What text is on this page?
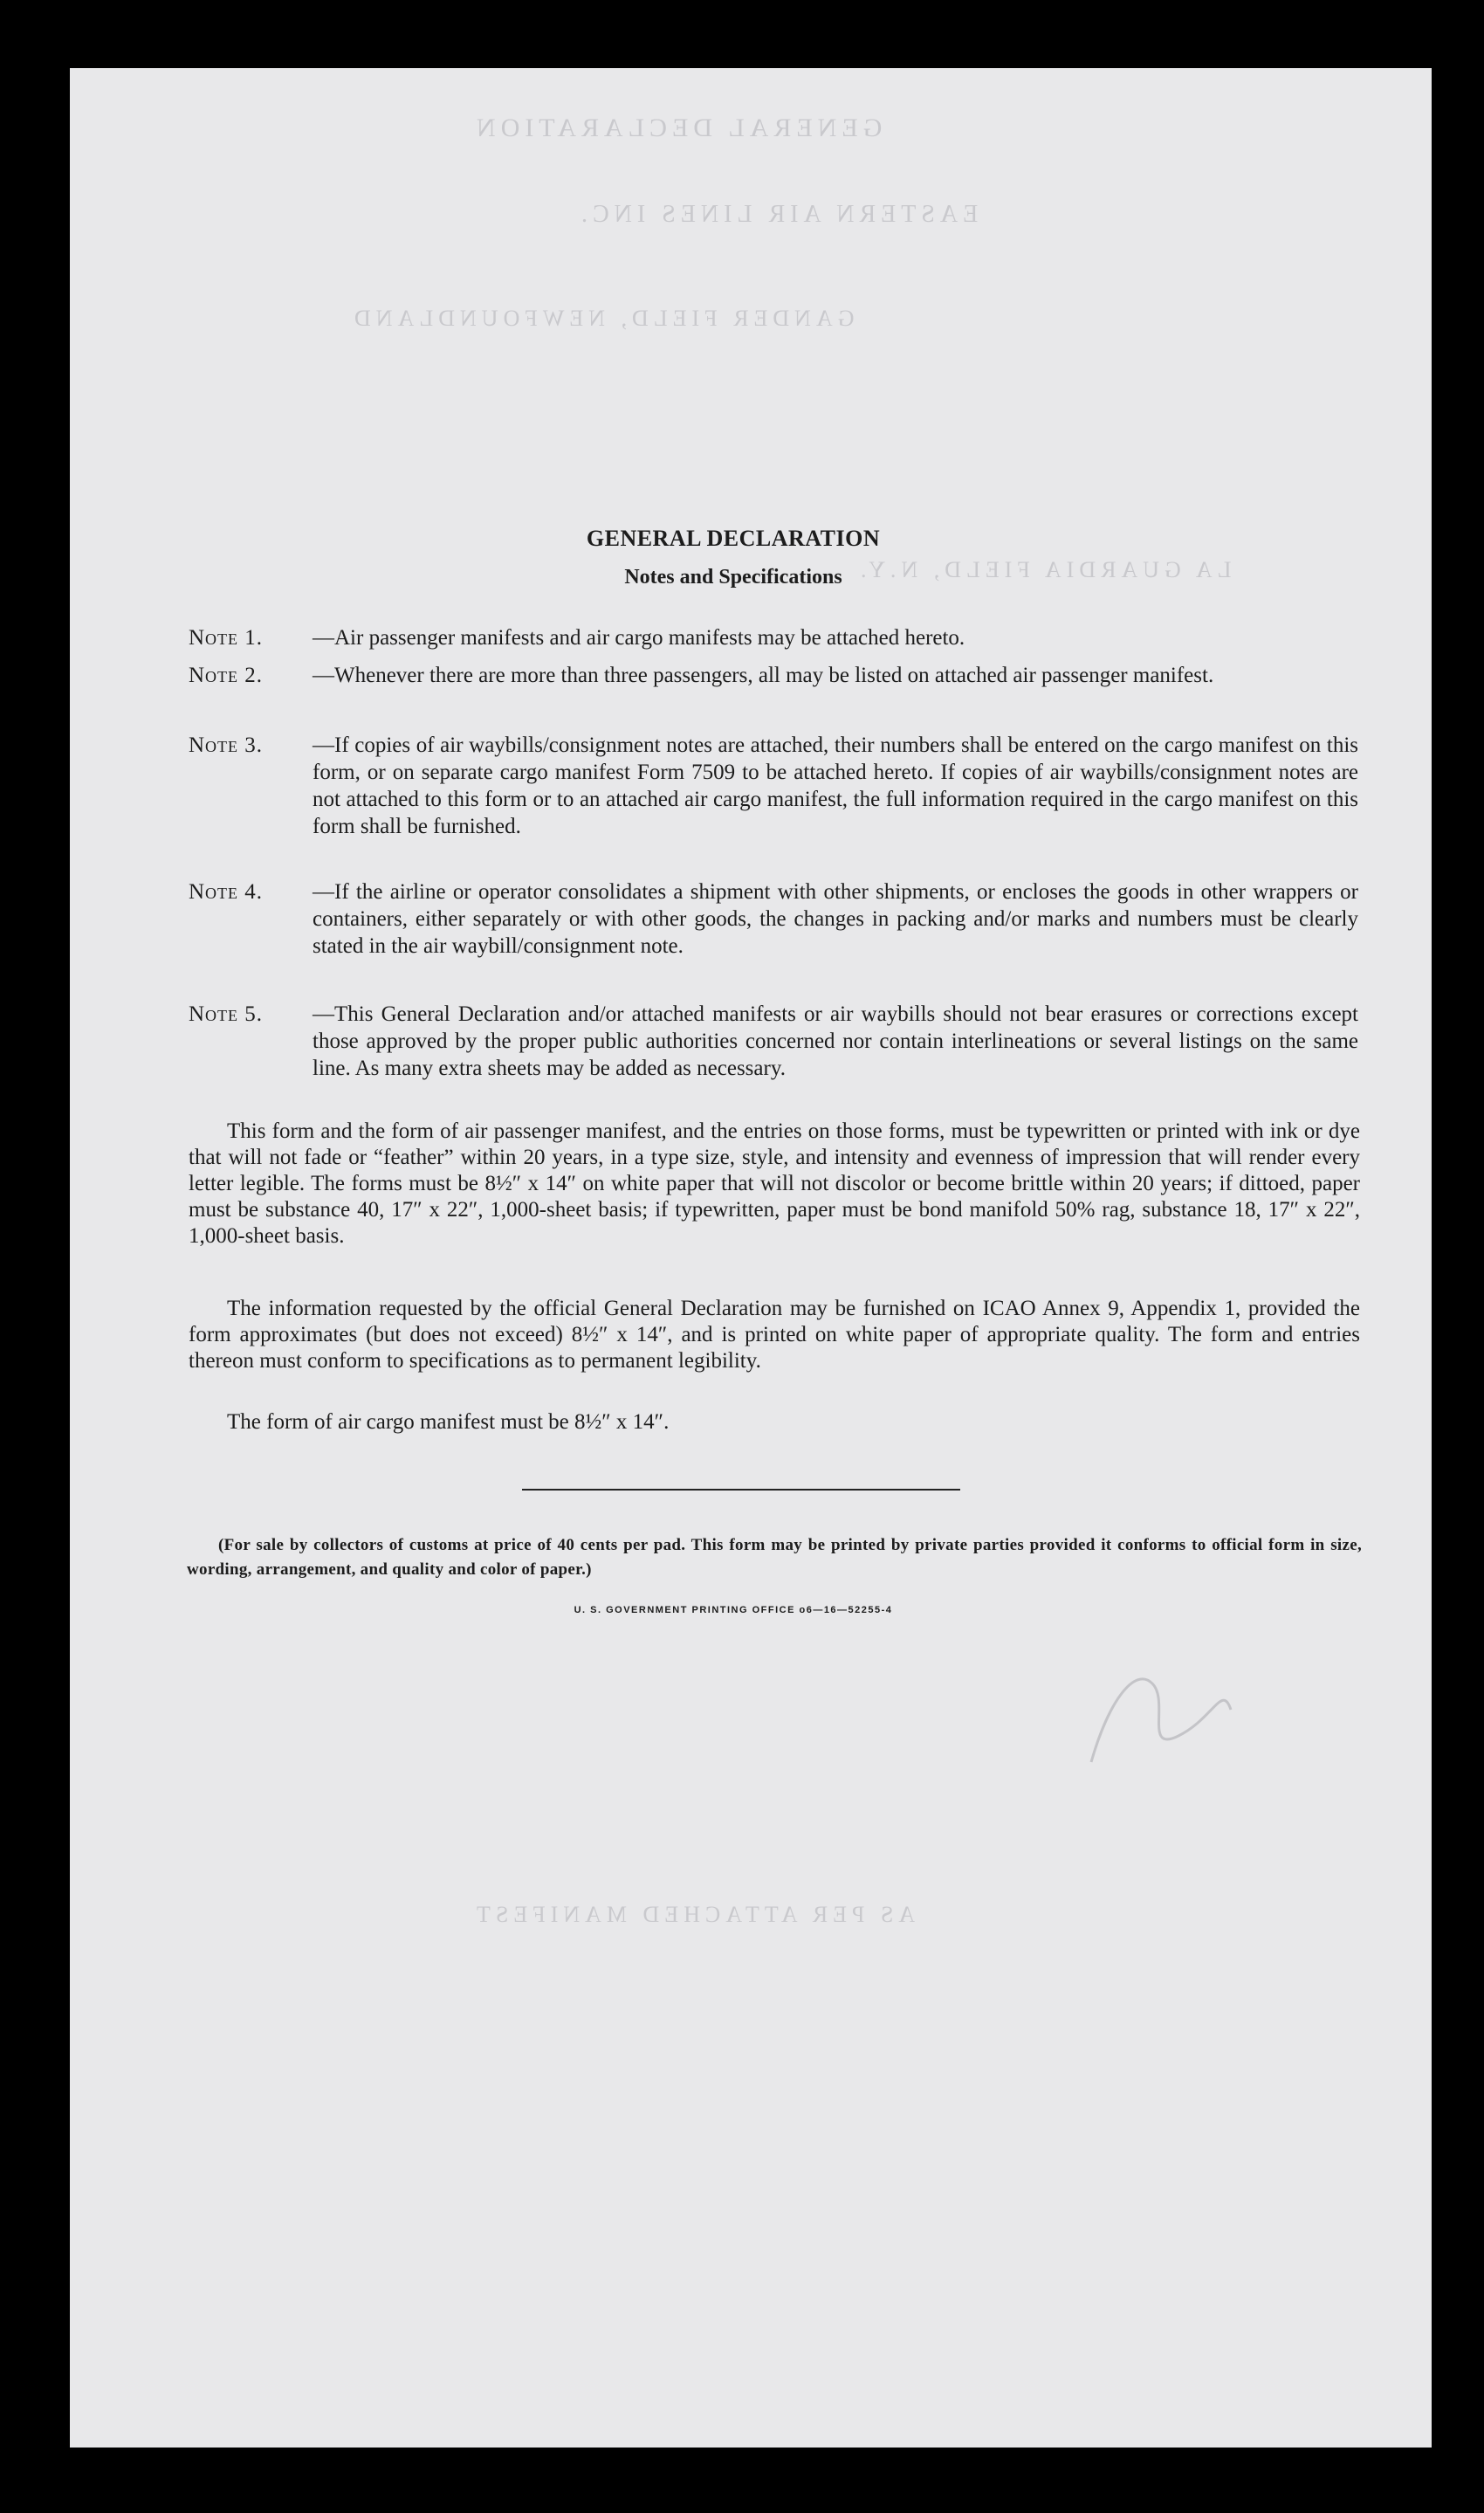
GENERAL DECLARATION
EASTERN AIR LINES INC.
GANDER FIELD, NEWFOUNDLAND
LA GUARDIA FIELD, N.Y.
AS PER ATTACHED MANIFEST
GENERAL DECLARATION
Notes and Specifications
Note 1.	—Air passenger manifests and air cargo manifests may be attached hereto.
Note 2.	—Whenever there are more than three passengers, all may be listed on attached air passenger manifest.
Note 3.	—If copies of air waybills/consignment notes are attached, their numbers shall be entered on the cargo manifest on this form, or on separate cargo manifest Form 7509 to be attached hereto. If copies of air waybills/consignment notes are not attached to this form or to an attached air cargo manifest, the full information required in the cargo manifest on this form shall be furnished.
Note 4.	—If the airline or operator consolidates a shipment with other shipments, or encloses the goods in other wrappers or containers, either separately or with other goods, the changes in packing and/or marks and numbers must be clearly stated in the air waybill/consignment note.
Note 5.	—This General Declaration and/or attached manifests or air waybills should not bear erasures or corrections except those approved by the proper public authorities concerned nor contain interlineations or several listings on the same line. As many extra sheets may be added as necessary.

This form and the form of air passenger manifest, and the entries on those forms, must be typewritten or printed with ink or dye that will not fade or “feather” within 20 years, in a type size, style, and intensity and evenness of impression that will render every letter legible. The forms must be 8½″ x 14″ on white paper that will not discolor or become brittle within 20 years; if dittoed, paper must be substance 40, 17″ x 22″, 1,000-sheet basis; if typewritten, paper must be bond manifold 50% rag, substance 18, 17″ x 22″, 1,000-sheet basis.

The information requested by the official General Declaration may be furnished on ICAO Annex 9, Appendix 1, provided the form approximates (but does not exceed) 8½″ x 14″, and is printed on white paper of appropriate quality. The form and entries thereon must conform to specifications as to permanent legibility.

The form of air cargo manifest must be 8½″ x 14″.

(For sale by collectors of customs at price of 40 cents per pad. This form may be printed by private parties provided it conforms to official form in size, wording, arrangement, and quality and color of paper.)

U. S. GOVERNMENT PRINTING OFFICE o6—16—52255-4
